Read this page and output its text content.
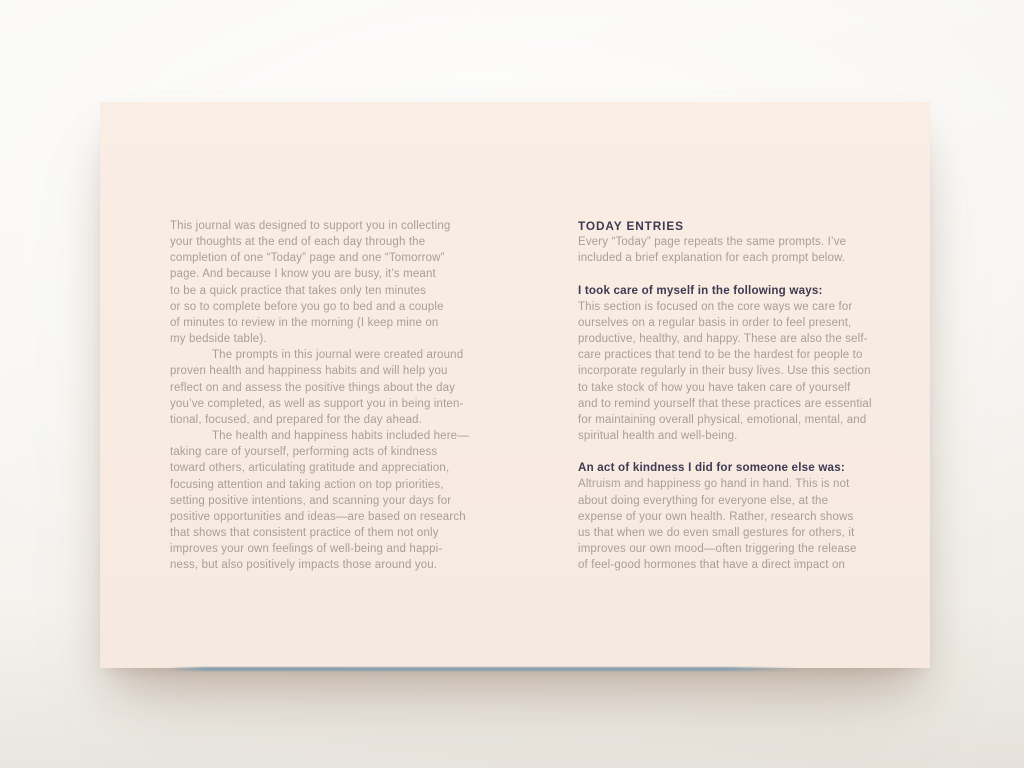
This journal was designed to support you in collecting
your thoughts at the end of each day through the
completion of one “Today” page and one “Tomorrow”
page. And because I know you are busy, it’s meant
to be a quick practice that takes only ten minutes
or so to complete before you go to bed and a couple
of minutes to review in the morning (I keep mine on
my bedside table).

The prompts in this journal were created around
proven health and happiness habits and will help you
reflect on and assess the positive things about the day
you’ve completed, as well as support you in being inten-
tional, focused, and prepared for the day ahead.

The health and happiness habits included here—
taking care of yourself, performing acts of kindness
toward others, articulating gratitude and appreciation,
focusing attention and taking action on top priorities,
setting positive intentions, and scanning your days for
positive opportunities and ideas—are based on research
that shows that consistent practice of them not only
improves your own feelings of well-being and happi-
ness, but also positively impacts those around you.

TODAY ENTRIES

Every “Today” page repeats the same prompts. I’ve
included a brief explanation for each prompt below.

I took care of myself in the following ways:

This section is focused on the core ways we care for
ourselves on a regular basis in order to feel present,
productive, healthy, and happy. These are also the self-
care practices that tend to be the hardest for people to
incorporate regularly in their busy lives. Use this section
to take stock of how you have taken care of yourself
and to remind yourself that these practices are essential
for maintaining overall physical, emotional, mental, and
spiritual health and well-being.

An act of kindness I did for someone else was:

Altruism and happiness go hand in hand. This is not
about doing everything for everyone else, at the
expense of your own health. Rather, research shows
us that when we do even small gestures for others, it
improves our own mood—often triggering the release
of feel-good hormones that have a direct impact on
